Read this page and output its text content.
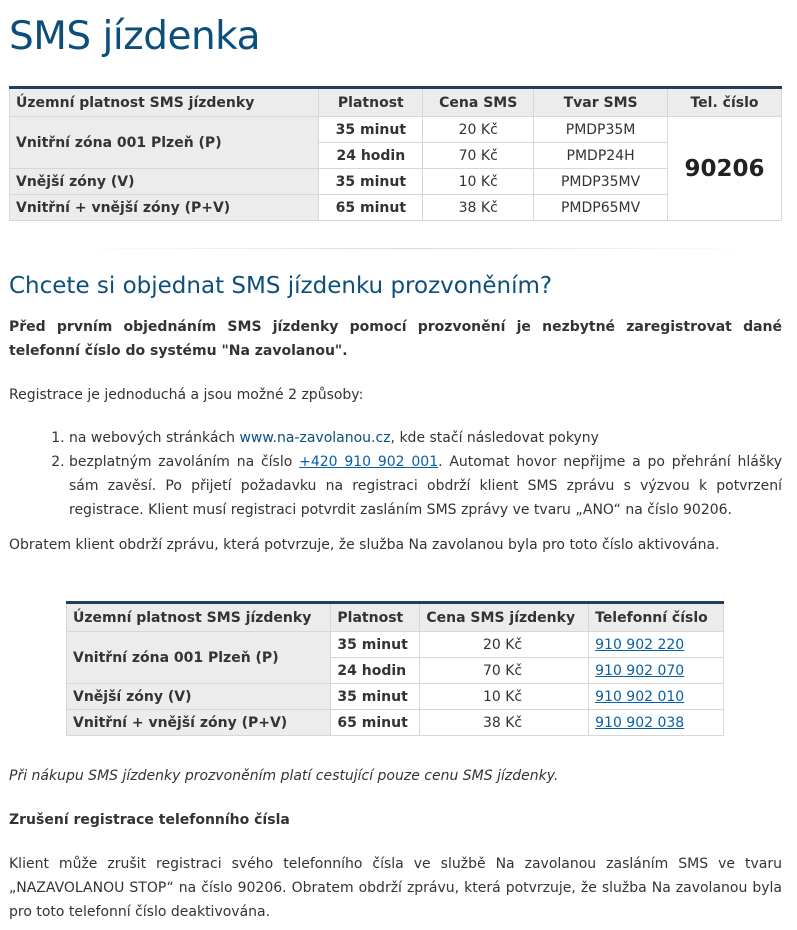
SMS jízdenka
Územní platnost SMS jízdenky	Platnost	Cena SMS	Tvar SMS	Tel. číslo
Vnitřní zóna 001 Plzeň (P)	35 minut	20 Kč	PMDP35M	90206
	24 hodin	70 Kč	PMDP24H	
Vnější zóny (V)	35 minut	10 Kč	PMDP35MV	
Vnitřní + vnější zóny (P+V)	65 minut	38 Kč	PMDP65MV	
Chcete si objednat SMS jízdenku prozvoněním?

Před prvním objednáním SMS jízdenky pomocí prozvonění je nezbytné zaregistrovat dané telefonní číslo do systému "Na zavolanou".

Registrace je jednoduchá a jsou možné 2 způsoby:

1. na webových stránkách www.na-zavolanou.cz, kde stačí následovat pokyny
2. bezplatným zavoláním na číslo +420 910 902 001. Automat hovor nepřijme a po přehrání hlášky sám zavěsí. Po přijetí požadavku na registraci obdrží klient SMS zprávu s výzvou k potvrzení registrace. Klient musí registraci potvrdit zasláním SMS zprávy ve tvaru „ANO“ na číslo 90206.

Obratem klient obdrží zprávu, která potvrzuje, že služba Na zavolanou byla pro toto číslo aktivována.

Územní platnost SMS jízdenky	Platnost	Cena SMS jízdenky	Telefonní číslo
Vnitřní zóna 001 Plzeň (P)	35 minut	20 Kč	910 902 220
	24 hodin	70 Kč	910 902 070
Vnější zóny (V)	35 minut	10 Kč	910 902 010
Vnitřní + vnější zóny (P+V)	65 minut	38 Kč	910 902 038

Při nákupu SMS jízdenky prozvoněním platí cestující pouze cenu SMS jízdenky.

Zrušení registrace telefonního čísla

Klient může zrušit registraci svého telefonního čísla ve službě Na zavolanou zasláním SMS ve tvaru „NAZAVOLANOU STOP“ na číslo 90206. Obratem obdrží zprávu, která potvrzuje, že služba Na zavolanou byla pro toto telefonní číslo deaktivována.
